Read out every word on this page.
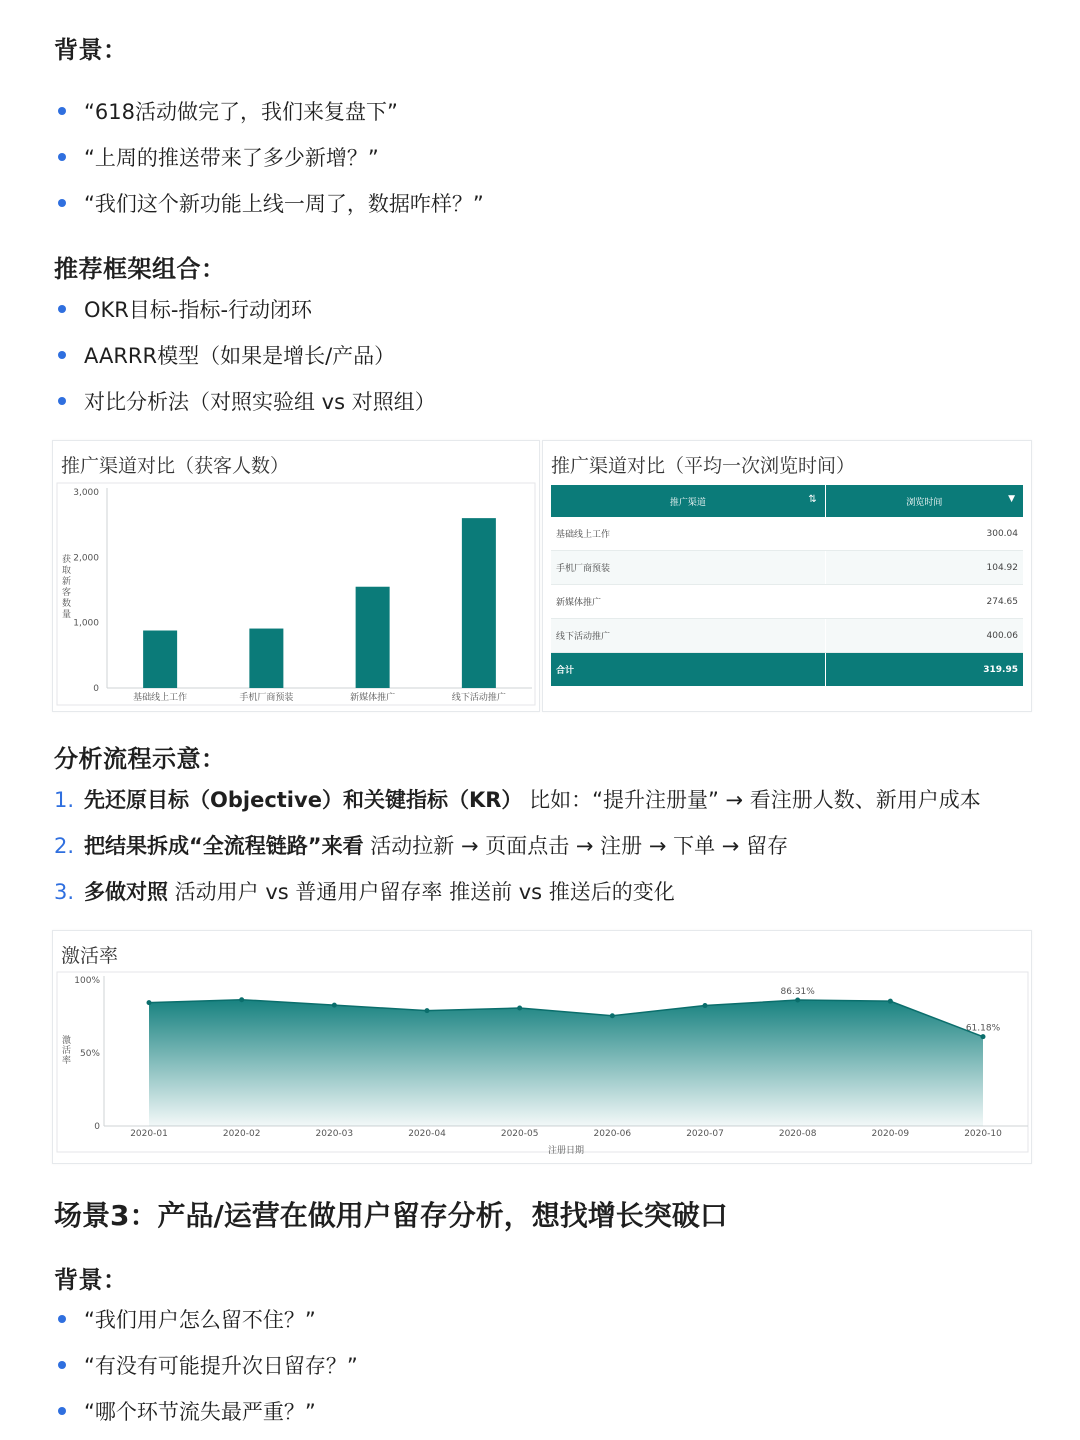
背景：
“618活动做完了，我们来复盘下”
“上周的推送带来了多少新增？”
“我们这个新功能上线一周了，数据咋样？”
推荐框架组合：
OKR目标-指标-行动闭环
AARRR模型（如果是增长/产品）
对比分析法（对照实验组 vs 对照组）
推广渠道对比（获客人数）
0
1,000
2,000
3,000
获取新客数量
基础线上工作	手机厂商预装	新媒体推广	线下活动推广
推广渠道对比（平均一次浏览时间）
推广渠道 ⇅	浏览时间 ▼

基础线上工作	300.04
手机厂商预装	104.92
新媒体推广	274.65
线下活动推广	400.06
合计	319.95
分析流程示意：
1. 先还原目标（Objective）和关键指标（KR） 比如：“提升注册量” → 看注册人数、新用户成本
2. 把结果拆成“全流程链路”来看 活动拉新 → 页面点击 → 注册 → 下单 → 留存
3. 多做对照 活动用户 vs 普通用户留存率 推送前 vs 推送后的变化
激活率
0
50%
100%
激活率
2020-01	2020-02	2020-03	2020-04	2020-05	2020-06	2020-07	2020-08
86.31%
2020-09	2020-10
61.18%
注册日期
场景3：产品/运营在做用户留存分析，想找增长突破口
背景：
“我们用户怎么留不住？”
“有没有可能提升次日留存？”
“哪个环节流失最严重？”
